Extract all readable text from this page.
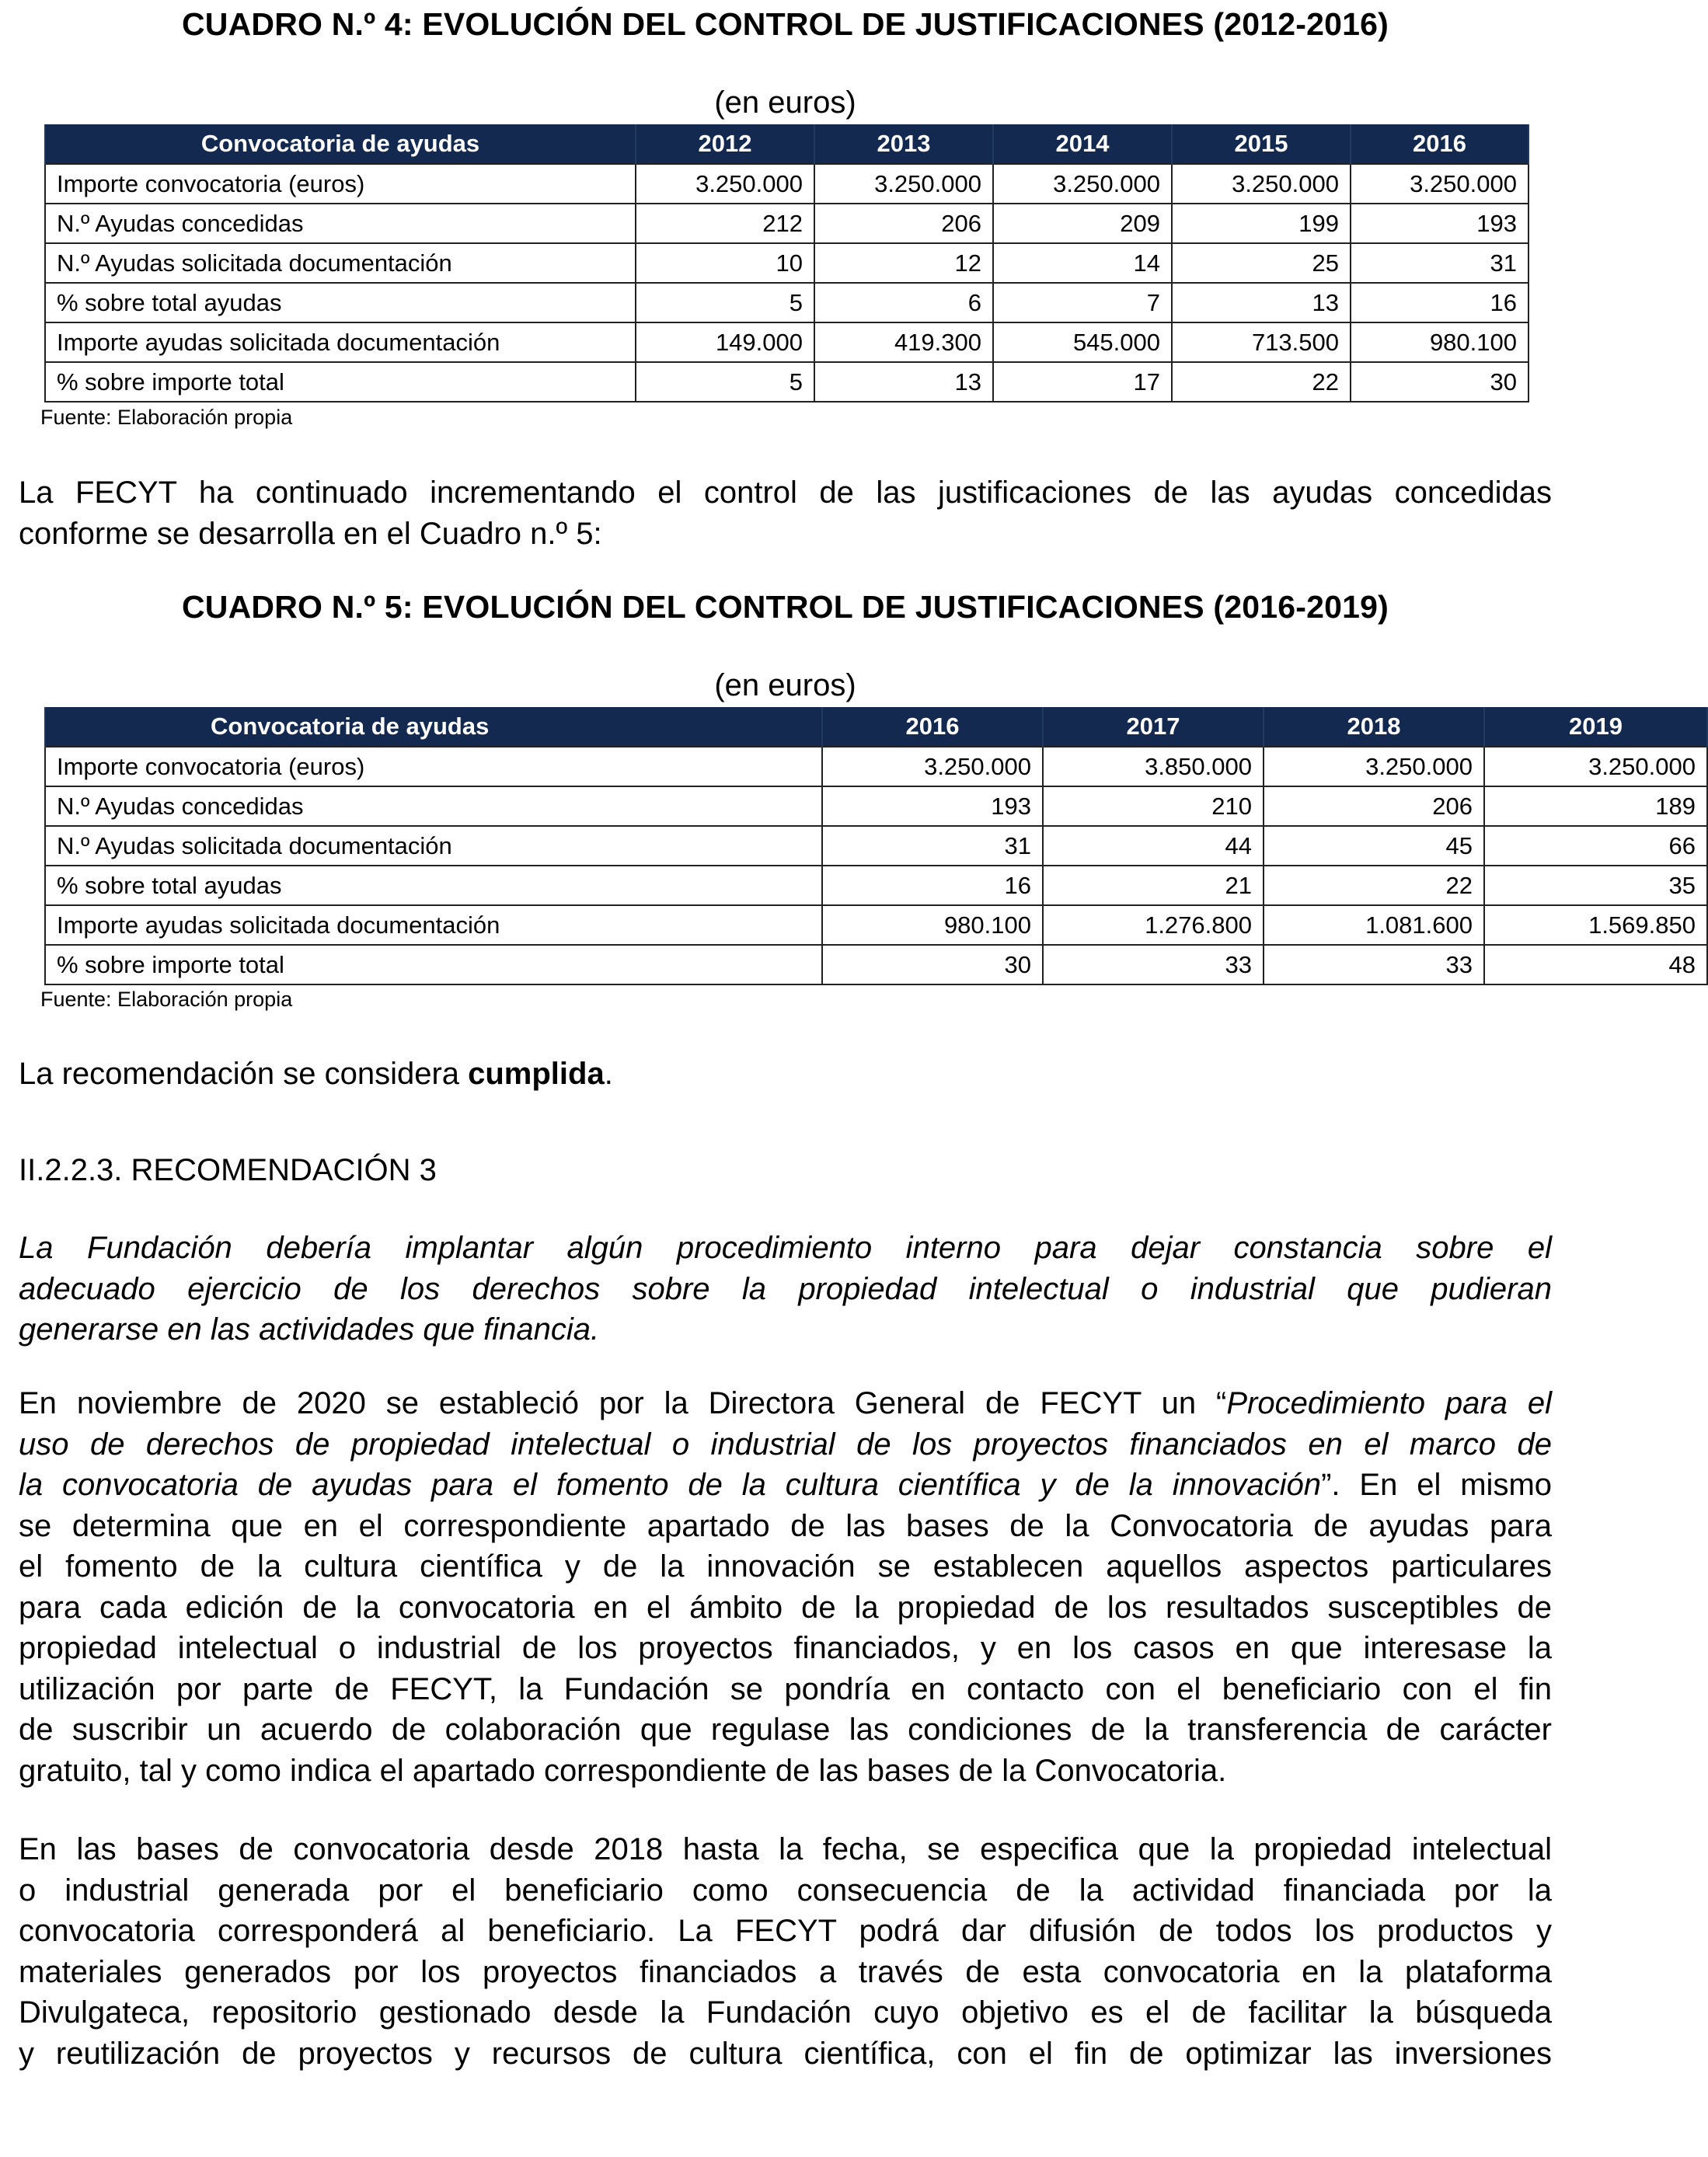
CUADRO N.º 4: EVOLUCIÓN DEL CONTROL DE JUSTIFICACIONES (2012-2016)
(en euros)
Convocatoria de ayudas	2012	2013	2014	2015	2016
Importe convocatoria (euros)	3.250.000	3.250.000	3.250.000	3.250.000	3.250.000
N.º Ayudas concedidas	212	206	209	199	193
N.º Ayudas solicitada documentación	10	12	14	25	31
% sobre total ayudas	5	6	7	13	16
Importe ayudas solicitada documentación	149.000	419.300	545.000	713.500	980.100
% sobre importe total	5	13	17	22	30
Fuente: Elaboración propia
La FECYT ha continuado incrementando el control de las justificaciones de las ayudas concedidas
conforme se desarrolla en el Cuadro n.º 5:
CUADRO N.º 5: EVOLUCIÓN DEL CONTROL DE JUSTIFICACIONES (2016-2019)
(en euros)
Convocatoria de ayudas	2016	2017	2018	2019
Importe convocatoria (euros)	3.250.000	3.850.000	3.250.000	3.250.000
N.º Ayudas concedidas	193	210	206	189
N.º Ayudas solicitada documentación	31	44	45	66
% sobre total ayudas	16	21	22	35
Importe ayudas solicitada documentación	980.100	1.276.800	1.081.600	1.569.850
% sobre importe total	30	33	33	48
Fuente: Elaboración propia
La recomendación se considera cumplida.
II.2.2.3. RECOMENDACIÓN 3
La Fundación debería implantar algún procedimiento interno para dejar constancia sobre el
adecuado ejercicio de los derechos sobre la propiedad intelectual o industrial que pudieran
generarse en las actividades que financia.
En noviembre de 2020 se estableció por la Directora General de FECYT un “Procedimiento para el
uso de derechos de propiedad intelectual o industrial de los proyectos financiados en el marco de
la convocatoria de ayudas para el fomento de la cultura científica y de la innovación”. En el mismo
se determina que en el correspondiente apartado de las bases de la Convocatoria de ayudas para
el fomento de la cultura científica y de la innovación se establecen aquellos aspectos particulares
para cada edición de la convocatoria en el ámbito de la propiedad de los resultados susceptibles de
propiedad intelectual o industrial de los proyectos financiados, y en los casos en que interesase la
utilización por parte de FECYT, la Fundación se pondría en contacto con el beneficiario con el fin
de suscribir un acuerdo de colaboración que regulase las condiciones de la transferencia de carácter
gratuito, tal y como indica el apartado correspondiente de las bases de la Convocatoria.
En las bases de convocatoria desde 2018 hasta la fecha, se especifica que la propiedad intelectual
o industrial generada por el beneficiario como consecuencia de la actividad financiada por la
convocatoria corresponderá al beneficiario. La FECYT podrá dar difusión de todos los productos y
materiales generados por los proyectos financiados a través de esta convocatoria en la plataforma
Divulgateca, repositorio gestionado desde la Fundación cuyo objetivo es el de facilitar la búsqueda
y reutilización de proyectos y recursos de cultura científica, con el fin de optimizar las inversiones
